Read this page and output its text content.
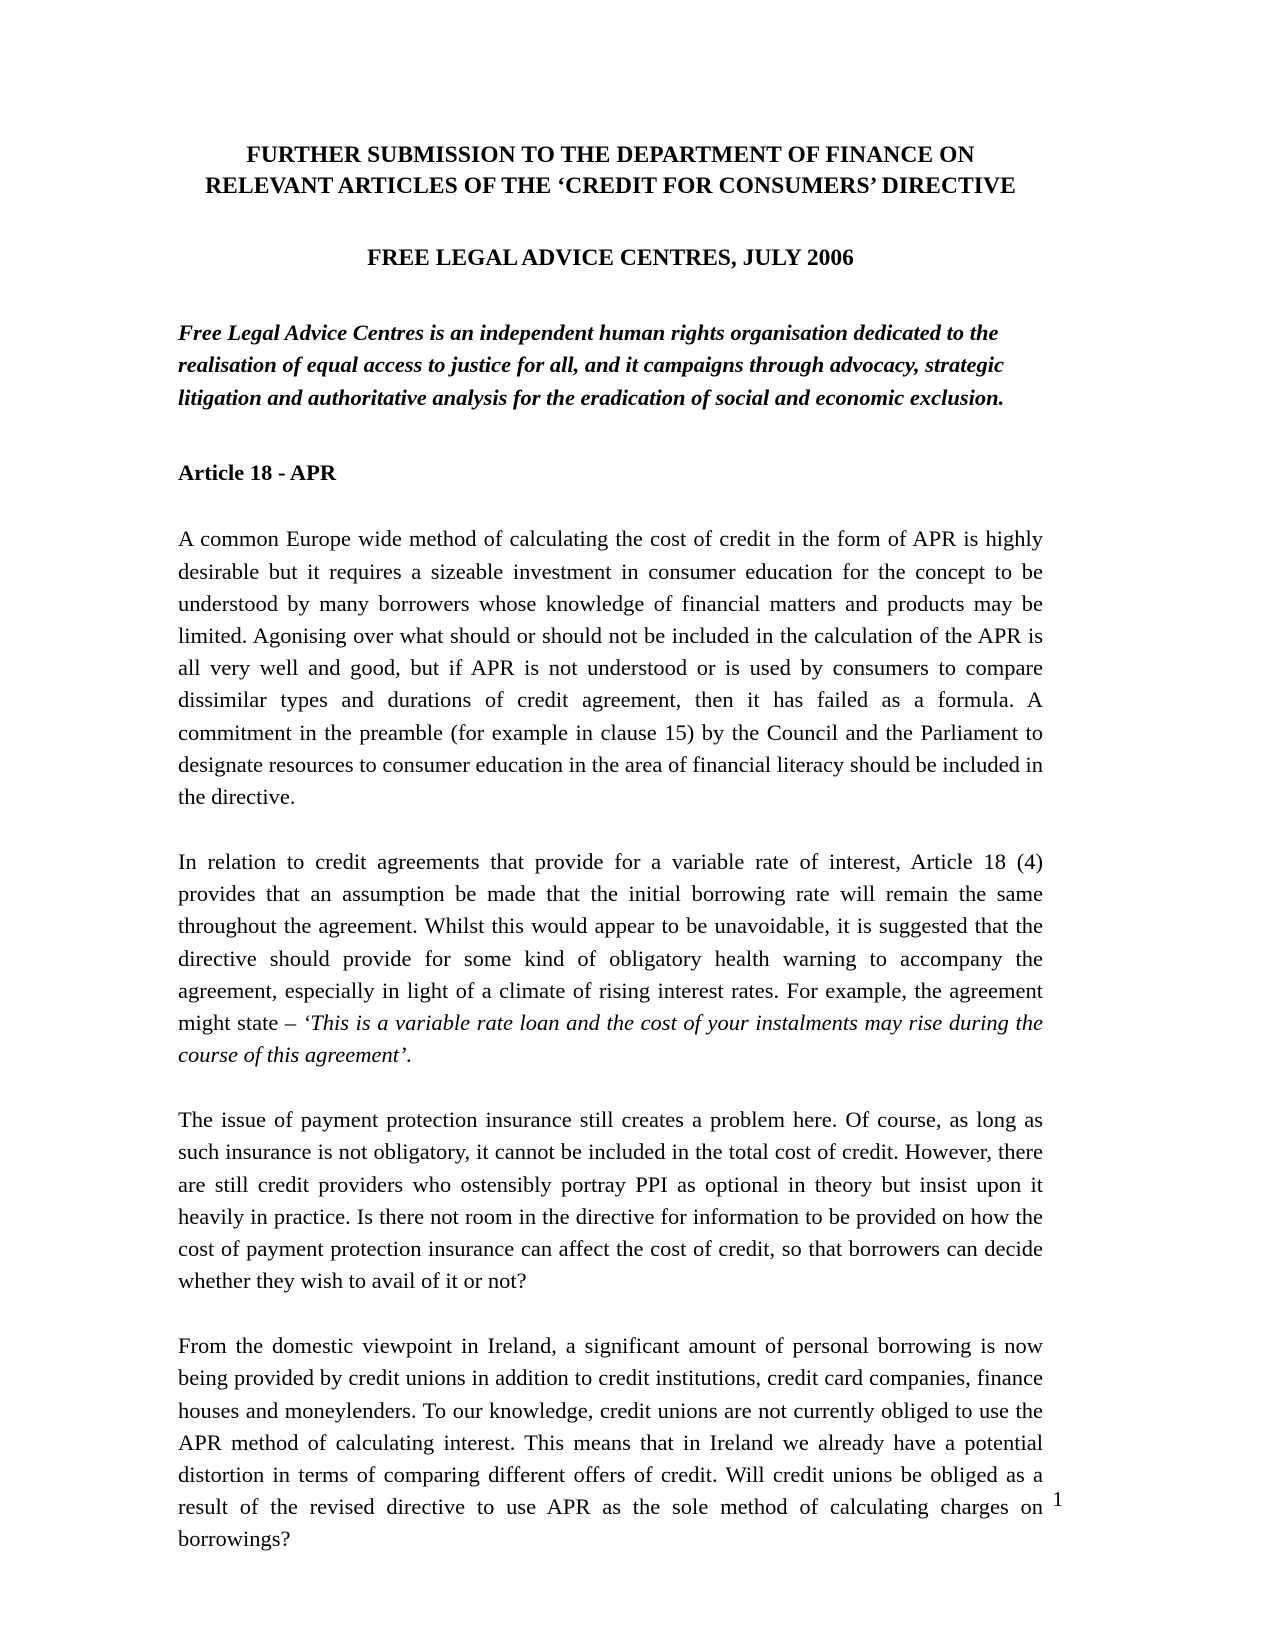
FURTHER SUBMISSION TO THE DEPARTMENT OF FINANCE ON
RELEVANT ARTICLES OF THE ‘CREDIT FOR CONSUMERS’ DIRECTIVE
FREE LEGAL ADVICE CENTRES, JULY 2006

Free Legal Advice Centres is an independent human rights organisation dedicated to the realisation of equal access to justice for all, and it campaigns through advocacy, strategic litigation and authoritative analysis for the eradication of social and economic exclusion.

Article 18 - APR

A common Europe wide method of calculating the cost of credit in the form of APR is highly desirable but it requires a sizeable investment in consumer education for the concept to be understood by many borrowers whose knowledge of financial matters and products may be limited. Agonising over what should or should not be included in the calculation of the APR is all very well and good, but if APR is not understood or is used by consumers to compare dissimilar types and durations of credit agreement, then it has failed as a formula. A commitment in the preamble (for example in clause 15) by the Council and the Parliament to designate resources to consumer education in the area of financial literacy should be included in the directive.

In relation to credit agreements that provide for a variable rate of interest, Article 18 (4) provides that an assumption be made that the initial borrowing rate will remain the same throughout the agreement. Whilst this would appear to be unavoidable, it is suggested that the directive should provide for some kind of obligatory health warning to accompany the agreement, especially in light of a climate of rising interest rates. For example, the agreement might state – ‘This is a variable rate loan and the cost of your instalments may rise during the course of this agreement’.

The issue of payment protection insurance still creates a problem here. Of course, as long as such insurance is not obligatory, it cannot be included in the total cost of credit. However, there are still credit providers who ostensibly portray PPI as optional in theory but insist upon it heavily in practice. Is there not room in the directive for information to be provided on how the cost of payment protection insurance can affect the cost of credit, so that borrowers can decide whether they wish to avail of it or not?

From the domestic viewpoint in Ireland, a significant amount of personal borrowing is now being provided by credit unions in addition to credit institutions, credit card companies, finance houses and moneylenders. To our knowledge, credit unions are not currently obliged to use the APR method of calculating interest. This means that in Ireland we already have a potential distortion in terms of comparing different offers of credit. Will credit unions be obliged as a result of the revised directive to use APR as the sole method of calculating charges on borrowings?

1
